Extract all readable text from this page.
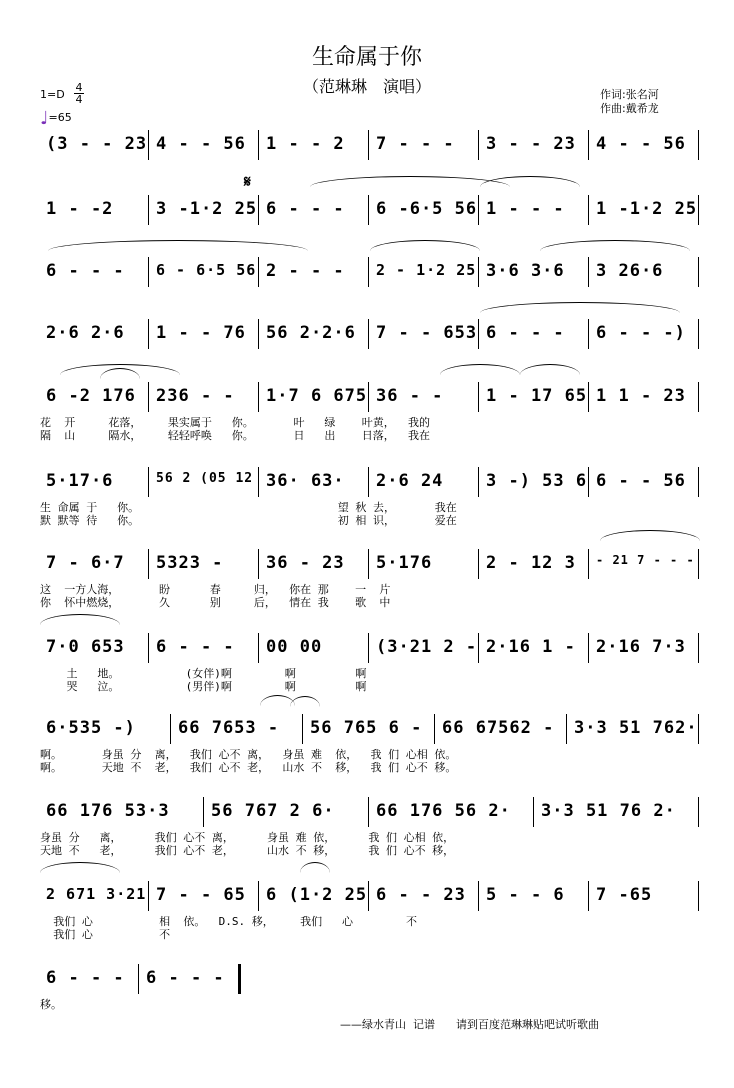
生命属于你
（范琳琳　演唱）
1=D
4
4
♩=65
作词:张名河
作曲:戴希龙
(3 - - 23 4 - - 56 1 - - 2 7 - - - 3 - - 23 4 - - 56
1 - -2	3 -1·2 25 6 - - - 6 -6·5 56 1 - - - 1 -1·2 25
6 - - - 6 - 6·5 56 2 - - - 2 - 1·2 25 3·6 3·6 3 26·6
2·6 2·6 1 - - 76 56 2·2·6 7 - - 653 6 - - - 6 - - -)
6 -2 176 236 - - 1·7 6 675 36 - -	1 - 17 65 1 1 - 23
花  开     花落，    果实属于   你。      叶   绿    叶黄，  我的
隔  山     隔水，    轻轻呼唤   你。      日   出    日落，  我在
5·17·6	56 2 (05 12 36· 63· 2·6 24	3 -) 53 6 6 - - 56
生 命属 于   你。                              望 秋 去，      我在
默 默等 待   你。                              初 相 识，      爱在
7 - 6·7 5323 -	36 - 23 5·176	2 - 12 3 - 21 7 - - -
这  一方人海，      盼      春     归，  你在 那    一  片
你  怀中燃烧，      久      别     后，  情在 我    歌  中
7·0 653 6 - - - 00 00	(3·21 2 - 2·16 1 - 2·16 7·3
土   地。          (女伴)啊        啊         啊
哭   泣。          (男伴)啊        啊         啊
6·535 -) 66 7653 - 56 765 6 - 66 67562 - 3·3 51 762·
啊。      身虽 分  离，  我们 心不 离，  身虽 难  依，  我 们 心相 依。
啊。      天地 不  老，  我们 心不 老，  山水 不  移，  我 们 心不 移。
66 176 53·3 56 767 2 6· 66 176 56 2· 3·3 51 76 2·
身虽 分   离，     我们 心不 离，     身虽 难 依，     我 们 心相 依，
天地 不   老，     我们 心不 老，     山水 不 移，     我 们 心不 移，
2 671 3·21 7 - - 65 6 (1·2 25 6 - - 23 5 - - 6 7 -65
我们 心          相  依。  D.S. 移，    我们   心        不
我们 心          不
6 - - - 6 - - -
移。
——绿水青山  记谱      请到百度范琳琳贴吧试听歌曲
𝄋
